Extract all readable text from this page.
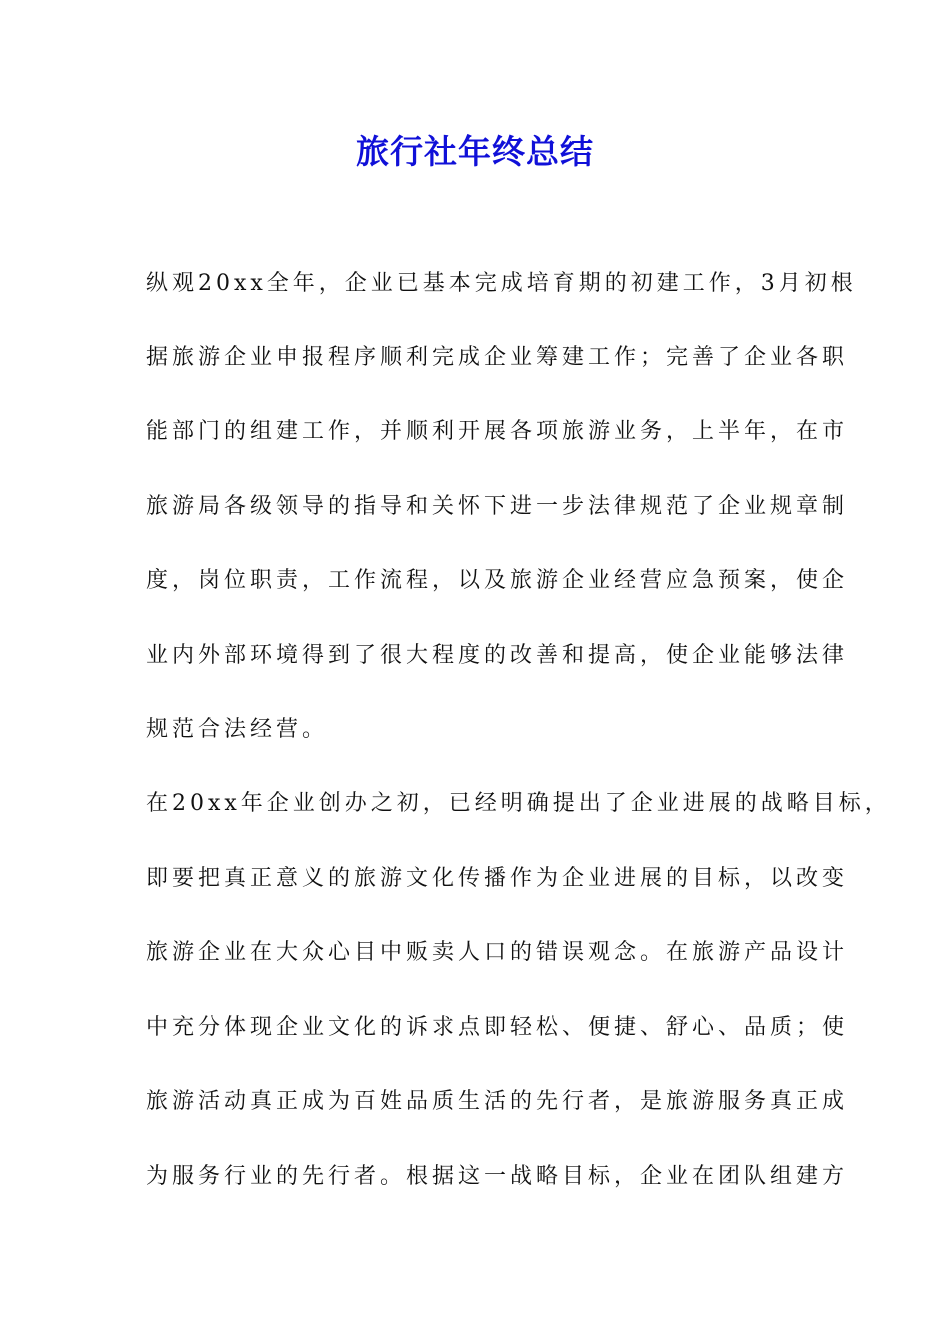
旅行社年终总结
纵观20xx全年，企业已基本完成培育期的初建工作，3月初根
据旅游企业申报程序顺利完成企业筹建工作；完善了企业各职
能部门的组建工作，并顺利开展各项旅游业务，上半年，在市
旅游局各级领导的指导和关怀下进一步法律规范了企业规章制
度，岗位职责，工作流程，以及旅游企业经营应急预案，使企
业内外部环境得到了很大程度的改善和提高，使企业能够法律
规范合法经营。
在20xx年企业创办之初，已经明确提出了企业进展的战略目标，
即要把真正意义的旅游文化传播作为企业进展的目标，以改变
旅游企业在大众心目中贩卖人口的错误观念。在旅游产品设计
中充分体现企业文化的诉求点即轻松、便捷、舒心、品质；使
旅游活动真正成为百姓品质生活的先行者，是旅游服务真正成
为服务行业的先行者。根据这一战略目标，企业在团队组建方
